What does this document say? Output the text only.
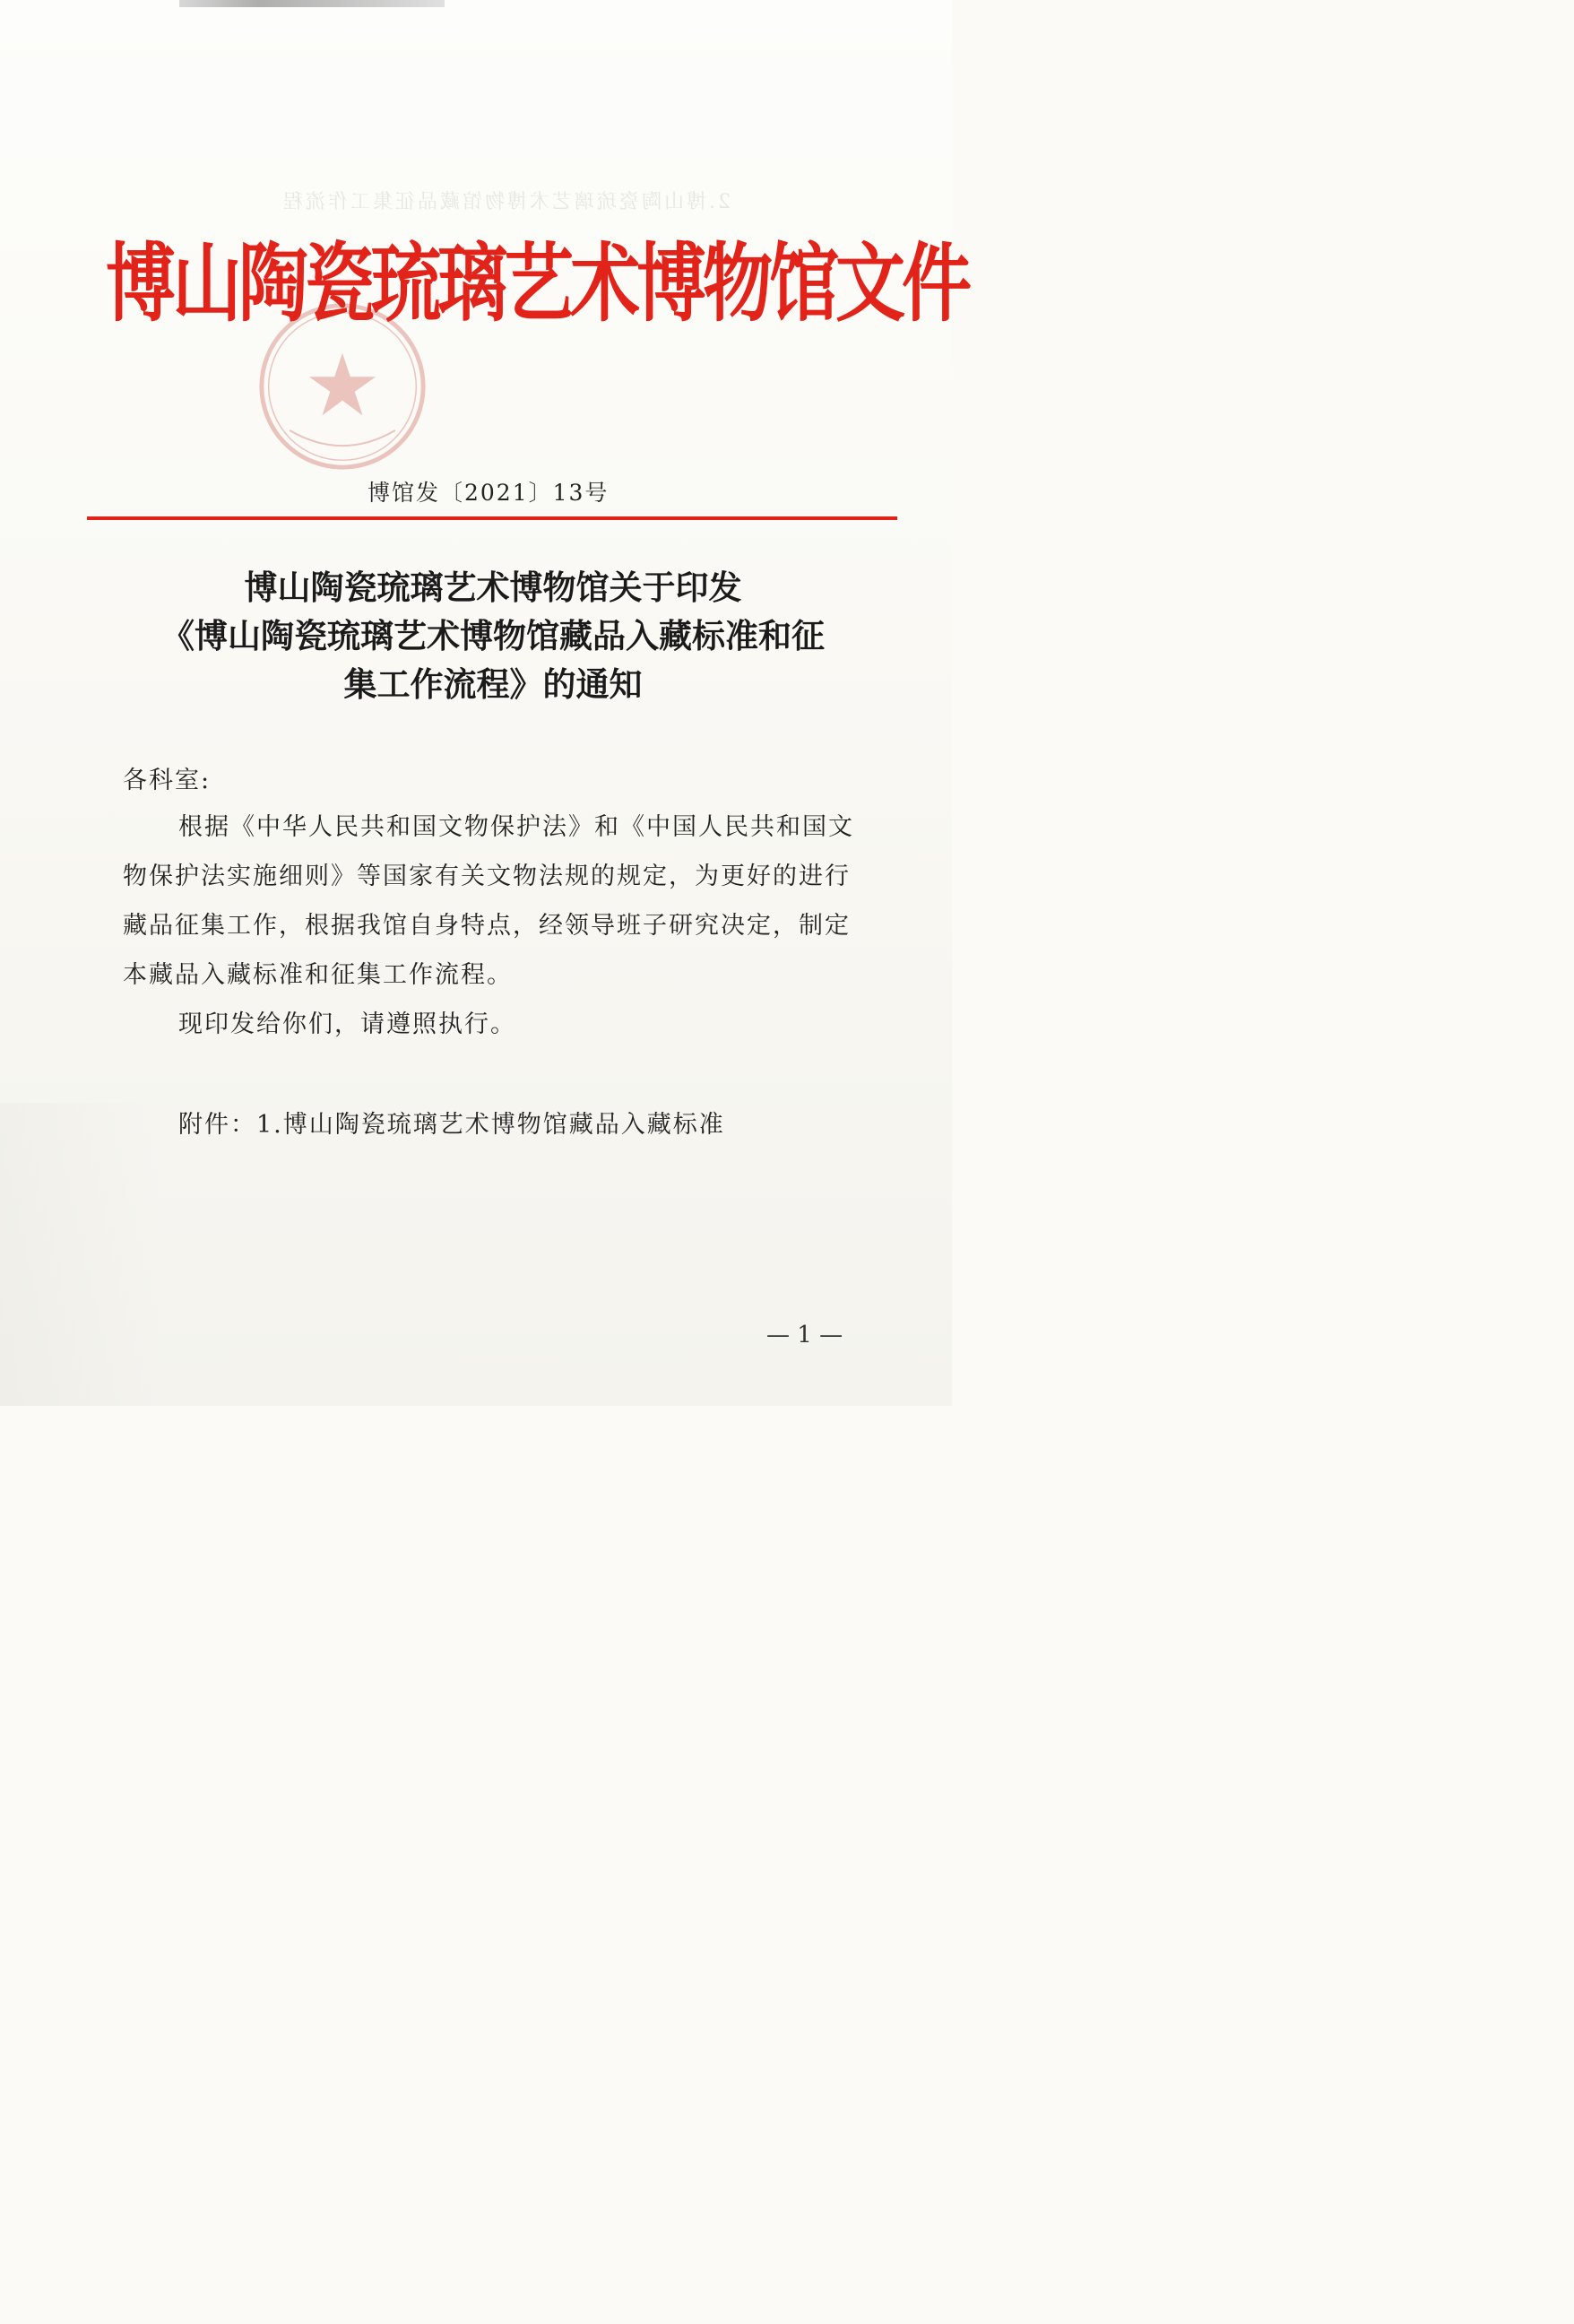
2.博山陶瓷琉璃艺术博物馆藏品征集工作流程
博山陶瓷琉璃艺术博物馆文件
博馆发〔2021〕13号
博山陶瓷琉璃艺术博物馆关于印发
《博山陶瓷琉璃艺术博物馆藏品入藏标准和征
集工作流程》的通知
各科室:
根据《中华人民共和国文物保护法》和《中国人民共和国文
物保护法实施细则》等国家有关文物法规的规定，为更好的进行
藏品征集工作，根据我馆自身特点，经领导班子研究决定，制定
本藏品入藏标准和征集工作流程。
现印发给你们，请遵照执行。
附件：1.博山陶瓷琉璃艺术博物馆藏品入藏标准
— 1 —
